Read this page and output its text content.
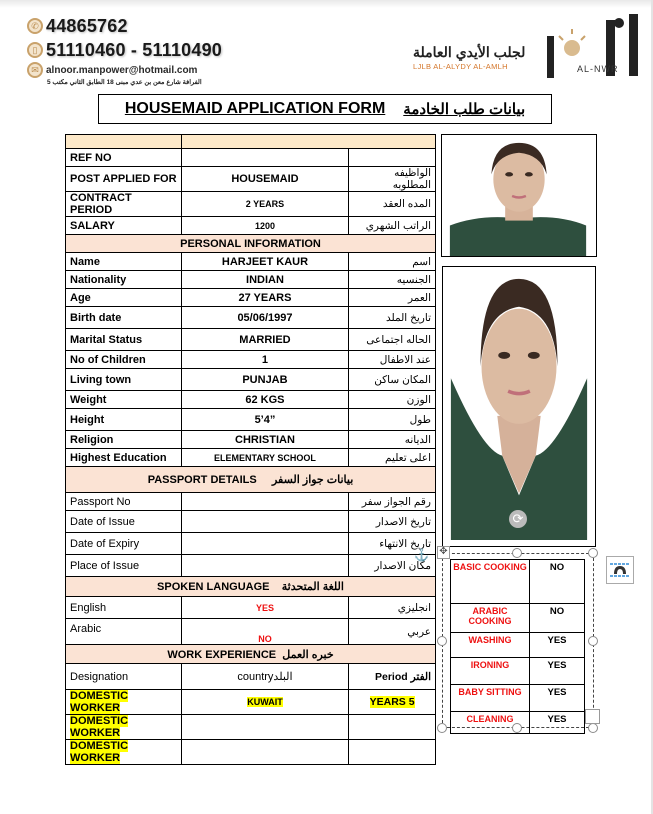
✆ 44865762
▯ 51110460 - 51110490
✉ alnoor.manpower@hotmail.com
الفرافة شارع معن بن عدي مبنى 18 الطابق الثاني مكتب 5
لجلب الأيدي العاملة
LJLB AL-ALYDY AL-AMLH	AL-NWR
HOUSEMAID APPLICATION FORM بيانات طلب الخادمة

REF NO		
POST APPLIED FOR	HOUSEMAID	الواظيفه المطلوبه
CONTRACT PERIOD	2 YEARS	المده العقد
SALARY	1200	الراتب الشهري
PERSONAL INFORMATION		
Name	HARJEET KAUR	اسم
Nationality	INDIAN	الجنسيه
Age	27 YEARS	العمر
Birth date	05/06/1997	تاريخ الملد
Marital Status	MARRIED	الحاله اجتماعى
No of Children	1	عند الاطفال
Living town	PUNJAB	المكان ساكن
Weight	62 KGS	الوزن
Height	5’4”	طول
Religion	CHRISTIAN	الديانه
Highest Education	ELEMENTARY SCHOOL	اعلى تعليم
PASSPORT DETAILS بيانات جواز السفر		
Passport No		رقم الجواز سفر
Date of Issue		تاريخ الاصدار
Date of Expiry		تاريخ الانتهاء
Place of Issue		مكان الاصدار
SPOKEN LANGUAGE اللغة المتحدثة		
English	YES	انجليزي
Arabic	NO	عربي
WORK EXPERIENCE خبره العمل		
Designation	countryالبلد	الفتر Period
DOMESTIC WORKER	KUWAIT	5 YEARS
DOMESTIC WORKER		
DOMESTIC WORKER		
⟳
✥
⚓
BASIC COOKING	NO
ARABIC COOKING	NO
WASHING	YES
IRONING	YES
BABY SITTING	YES
CLEANING	YES
